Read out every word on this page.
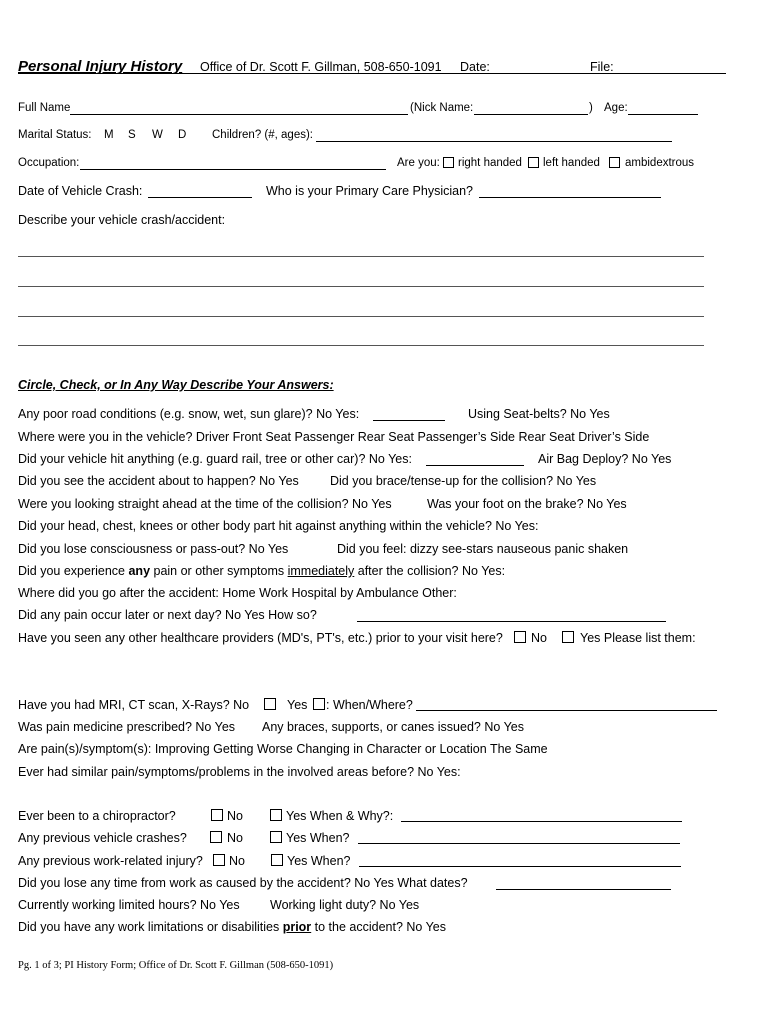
Personal Injury History Office of Dr. Scott F. Gillman, 508-650-1091 Date:	File:
Full Name	(Nick Name:	) Age:
Marital Status: M S W D Children? (#, ages):
Occupation:	Are you: right handed left handed ambidextrous
Date of Vehicle Crash:	Who is your Primary Care Physician?
Describe your vehicle crash/accident:
Circle, Check, or In Any Way Describe Your Answers:
Any poor road conditions (e.g. snow, wet, sun glare)? No Yes:	Using Seat-belts? No Yes
Where were you in the vehicle? Driver Front Seat Passenger Rear Seat Passenger’s Side Rear Seat Driver’s Side
Did your vehicle hit anything (e.g. guard rail, tree or other car)? No Yes:	Air Bag Deploy? No Yes
Did you see the accident about to happen? No Yes Did you brace/tense-up for the collision? No Yes
Were you looking straight ahead at the time of the collision? No Yes	Was your foot on the brake? No Yes
Did your head, chest, knees or other body part hit against anything within the vehicle? No Yes:
Did you lose consciousness or pass-out? No Yes	Did you feel: dizzy see-stars nauseous panic shaken
Did you experience any pain or other symptoms immediately after the collision? No Yes:
Where did you go after the accident: Home Work Hospital by Ambulance Other:
Did any pain occur later or next day? No Yes How so?
Have you seen any other healthcare providers (MD's, PT's, etc.) prior to your visit here? No	Yes Please list them:
Have you had MRI, CT scan, X-Rays? No	Yes : When/Where?
Was pain medicine prescribed? No Yes Any braces, supports, or canes issued? No Yes
Are pain(s)/symptom(s): Improving Getting Worse Changing in Character or Location The Same
Ever had similar pain/symptoms/problems in the involved areas before? No Yes:
Ever been to a chiropractor?	No	Yes When & Why?:
Any previous vehicle crashes?	No	Yes When?
Any previous work-related injury? No	Yes When?
Did you lose any time from work as caused by the accident? No Yes What dates?
Currently working limited hours? No Yes Working light duty? No Yes
Did you have any work limitations or disabilities prior to the accident? No Yes
Pg. 1 of 3; PI History Form; Office of Dr. Scott F. Gillman (508-650-1091)
